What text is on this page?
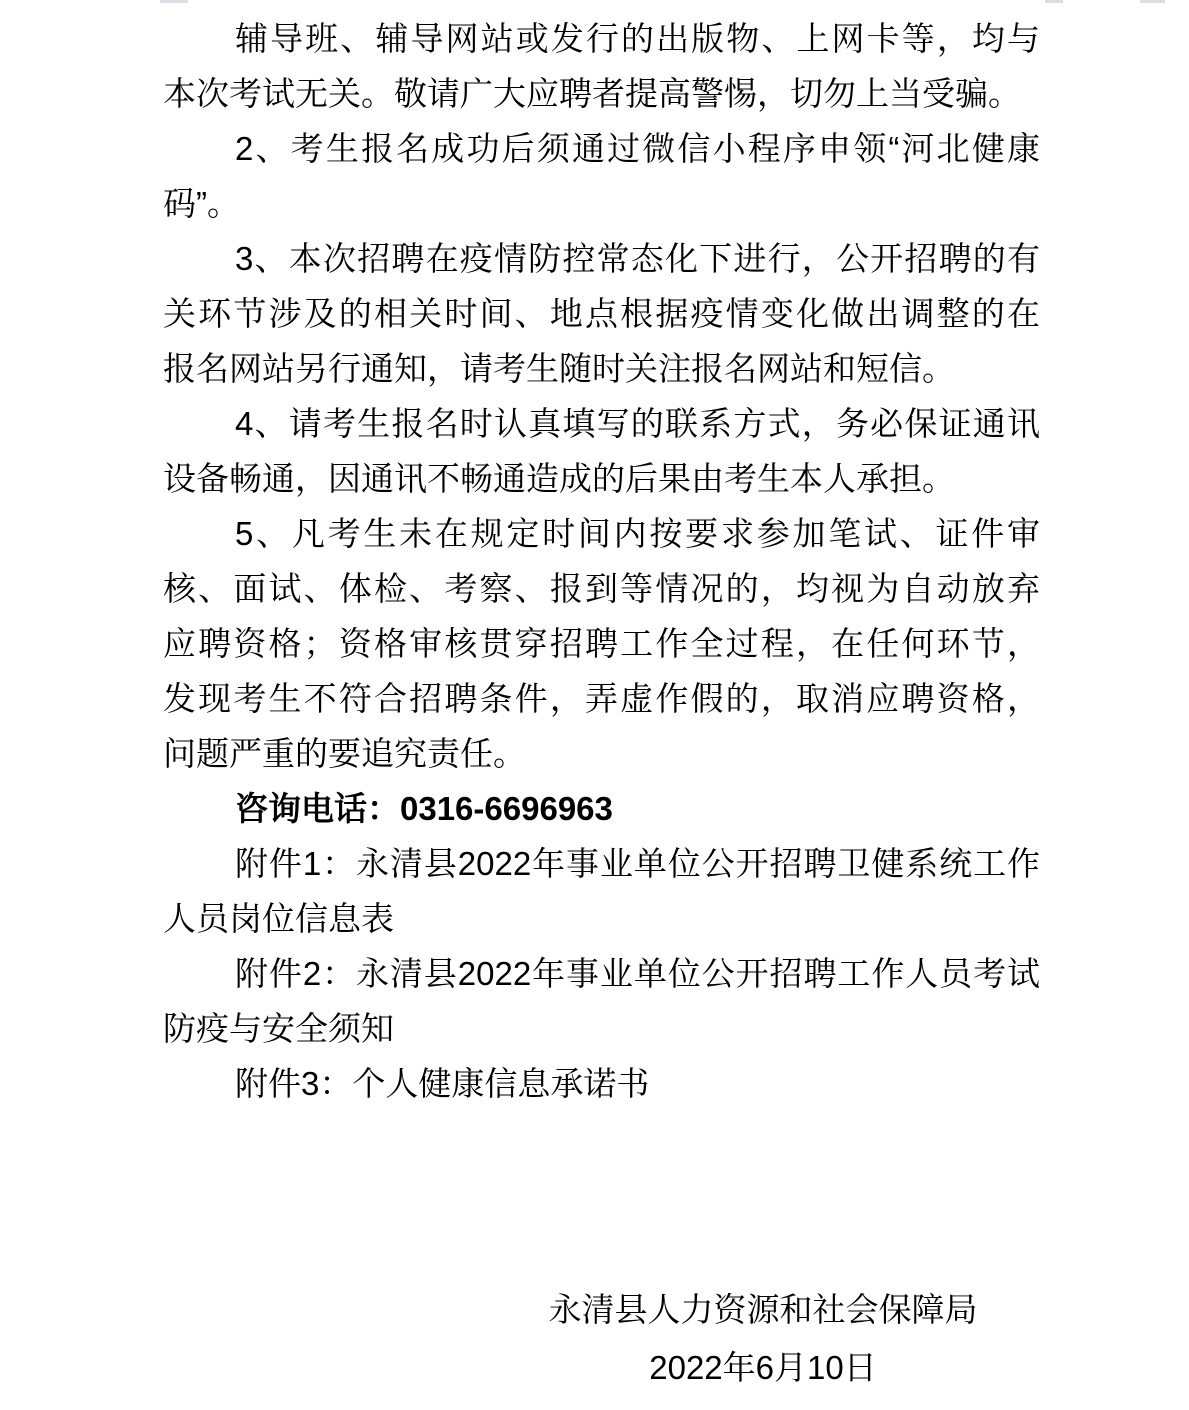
辅导班、辅导网站或发行的出版物、上网卡等，均与
本次考试无关。敬请广大应聘者提高警惕，切勿上当受骗。
2、考生报名成功后须通过微信小程序申领“河北健康
码”。
3、本次招聘在疫情防控常态化下进行，公开招聘的有
关环节涉及的相关时间、地点根据疫情变化做出调整的在
报名网站另行通知，请考生随时关注报名网站和短信。
4、请考生报名时认真填写的联系方式，务必保证通讯
设备畅通，因通讯不畅通造成的后果由考生本人承担。
5、凡考生未在规定时间内按要求参加笔试、证件审
核、面试、体检、考察、报到等情况的，均视为自动放弃
应聘资格；资格审核贯穿招聘工作全过程，在任何环节，
发现考生不符合招聘条件，弄虚作假的，取消应聘资格，
问题严重的要追究责任。
咨询电话：0316-6696963
附件1：永清县2022年事业单位公开招聘卫健系统工作
人员岗位信息表
附件2：永清县2022年事业单位公开招聘工作人员考试
防疫与安全须知
附件3：个人健康信息承诺书
永清县人力资源和社会保障局
2022年6月10日
